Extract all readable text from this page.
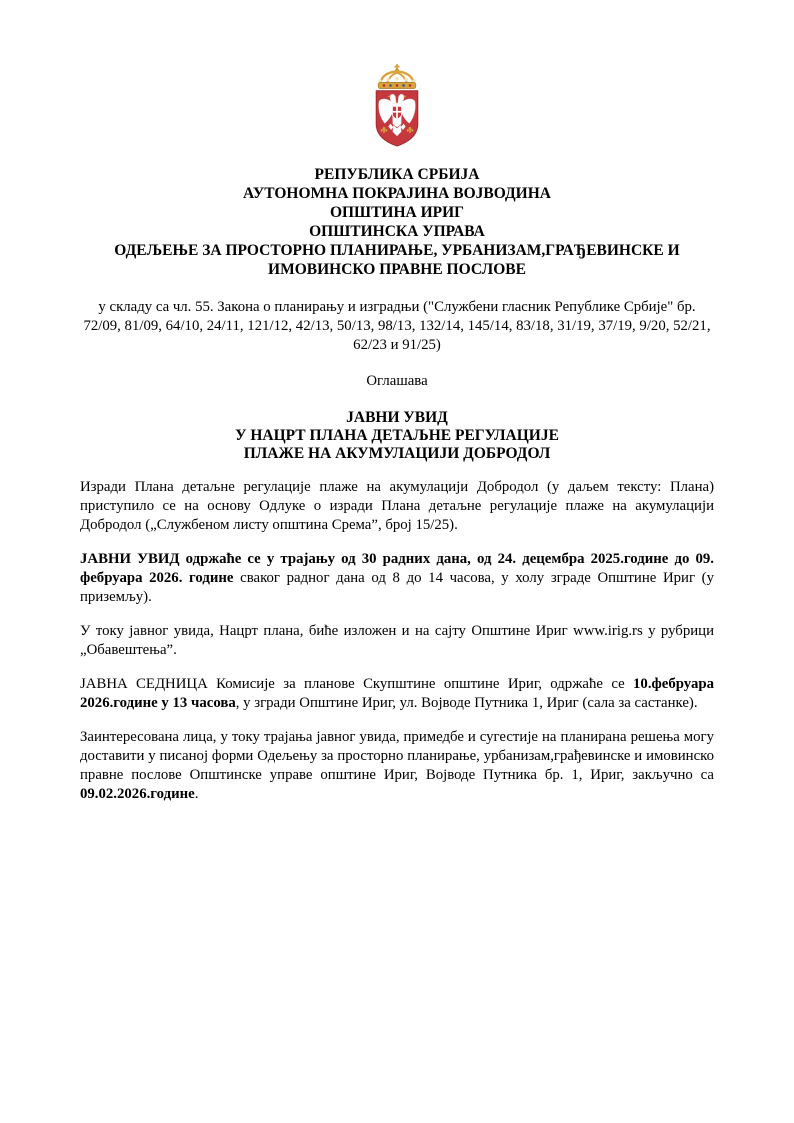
РЕПУБЛИКА СРБИЈА
АУТОНОМНА ПОКРАЈИНА ВОЈВОДИНА
ОПШТИНА ИРИГ
ОПШТИНСКА УПРАВА
ОДЕЉЕЊЕ ЗА ПРОСТОРНО ПЛАНИРАЊЕ, УРБАНИЗАМ,ГРАЂЕВИНСКЕ И ИМОВИНСКО ПРАВНЕ ПОСЛОВЕ

у складу са чл. 55. Закона о планирању и изградњи ("Службени гласник Републике Србије" бр. 72/09, 81/09, 64/10, 24/11, 121/12, 42/13, 50/13, 98/13, 132/14, 145/14, 83/18, 31/19, 37/19, 9/20, 52/21, 62/23 и 91/25)

Оглашава

ЈАВНИ УВИД
У НАЦРТ ПЛАНА ДЕТАЉНЕ РЕГУЛАЦИЈЕ
ПЛАЖЕ НА АКУМУЛАЦИЈИ ДОБРОДОЛ

Изради Плана детаљне регулације плаже на акумулацији Добродол (у даљем тексту: Плана) приступило се на основу Одлуке о изради Плана детаљне регулације плаже на акумулацији Добродол („Службеном листу општина Срема”, број 15/25).

ЈАВНИ УВИД одржаће се у трајању од 30 радних дана, од 24. децембра 2025.године до 09. фебруара 2026. године сваког радног дана од 8 до 14 часова, у холу зграде Општине Ириг (у приземљу).

У току јавног увида, Нацрт плана, биће изложен и на сајту Општине Ириг www.irig.rs у рубрици „Обавештења”.

ЈАВНА СЕДНИЦА Комисије за планове Скупштине општине Ириг, одржаће се 10.фебруара 2026.године у 13 часова, у згради Општине Ириг, ул. Војводе Путника 1, Ириг (сала за састанке).

Заинтересована лица, у току трајања јавног увида, примедбе и сугестије на планирана решења могу доставити у писаној форми Одељењу за просторно планирање, урбанизам,грађевинске и имовинско правне послове Општинске управе општине Ириг, Војводе Путника бр. 1, Ириг, закључно са 09.02.2026.године.
